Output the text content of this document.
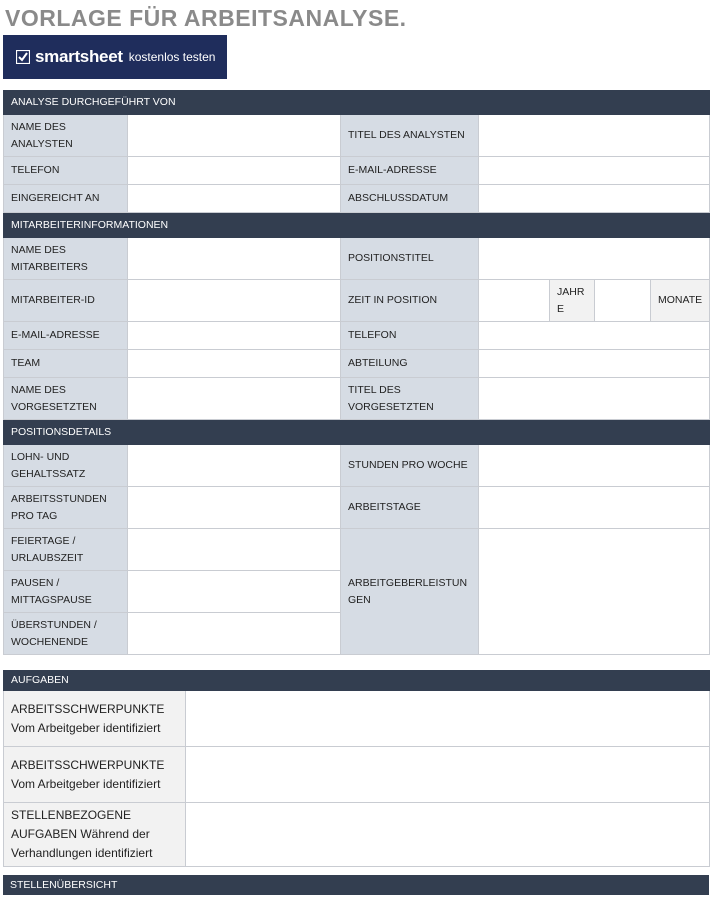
VORLAGE FÜR ARBEITSANALYSE.
smartsheet kostenlos testen
ANALYSE DURCHGEFÜHRT VON						
NAME DES ANALYSTEN		TITEL DES ANALYSTEN				
TELEFON		E-MAIL-ADRESSE				
EINGEREICHT AN		ABSCHLUSSDATUM				
MITARBEITERINFORMATIONEN						
NAME DES MITARBEITERS		POSITIONSTITEL				
MITARBEITER-ID		ZEIT IN POSITION		JAHRE		MONATE
E-MAIL-ADRESSE		TELEFON				
TEAM		ABTEILUNG				
NAME DES VORGESETZTEN		TITEL DES VORGESETZTEN				
POSITIONSDETAILS						
LOHN- UND GEHALTSSATZ		STUNDEN PRO WOCHE				
ARBEITSSTUNDEN PRO TAG		ARBEITSTAGE				
FEIERTAGE / URLAUBSZEIT		ARBEITGEBERLEISTUNGEN				
PAUSEN / MITTAGSPAUSE						
ÜBERSTUNDEN / WOCHENENDE						
AUFGABEN	
ARBEITSSCHWERPUNKTE
Vom Arbeitgeber identifiziert	
ARBEITSSCHWERPUNKTE
Vom Arbeitgeber identifiziert	
STELLENBEZOGENE AUFGABEN Während der Verhandlungen identifiziert	
STELLENÜBERSICHT
